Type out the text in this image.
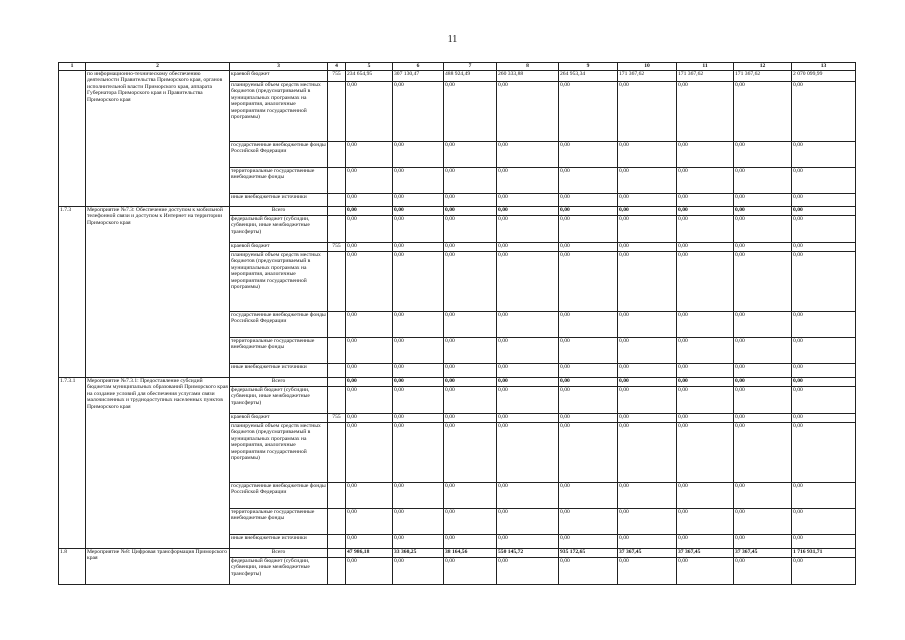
11
1	2	3	4	5	6	7	8	9	10	11	12	13
	по информационно-техническому обеспечению деятельности Правительства Приморского края, органов исполнительной власти Приморского края, аппарата Губернатора Приморского края и Правительства Приморского края	краевой бюджет	755	234 654,95	307 130,47	488 924,49	260 333,88	264 953,34	171 367,62	171 367,62	171 367,62	2 070 099,99
		планируемый объем средств местных бюджетов (предусматриваемый в муниципальных программах на мероприятия, аналогичные мероприятиям государственной программы)		0,00	0,00	0,00	0,00	0,00	0,00	0,00	0,00	0,00
		государственные внебюджетные фонды Российской Федерации		0,00	0,00	0,00	0,00	0,00	0,00	0,00	0,00	0,00
		территориальные государственные внебюджетные фонды		0,00	0,00	0,00	0,00	0,00	0,00	0,00	0,00	0,00
		иные внебюджетные источники		0,00	0,00	0,00	0,00	0,00	0,00	0,00	0,00	0,00
1.7.3	Мероприятие №7.3: Обеспечение доступом к мобильной телефонной связи и доступом к Интернет на территории Приморского края	Всего		0,00	0,00	0,00	0,00	0,00	0,00	0,00	0,00	0,00
		федеральный бюджет (субсидии, субвенции, иные межбюджетные трансферты)		0,00	0,00	0,00	0,00	0,00	0,00	0,00	0,00	0,00
		краевой бюджет	755	0,00	0,00	0,00	0,00	0,00	0,00	0,00	0,00	0,00
		планируемый объем средств местных бюджетов (предусматриваемый в муниципальных программах на мероприятия, аналогичные мероприятиям государственной программы)		0,00	0,00	0,00	0,00	0,00	0,00	0,00	0,00	0,00
		государственные внебюджетные фонды Российской Федерации		0,00	0,00	0,00	0,00	0,00	0,00	0,00	0,00	0,00
		территориальные государственные внебюджетные фонды		0,00	0,00	0,00	0,00	0,00	0,00	0,00	0,00	0,00
		иные внебюджетные источники		0,00	0,00	0,00	0,00	0,00	0,00	0,00	0,00	0,00
1.7.3.1	Мероприятие №7.3.1: Предоставление субсидий бюджетам муниципальных образований Приморского края на создание условий для обеспечения услугами связи малочисленных и труднодоступных населенных пунктов Приморского края	Всего		0,00	0,00	0,00	0,00	0,00	0,00	0,00	0,00	0,00
		федеральный бюджет (субсидии, субвенции, иные межбюджетные трансферты)		0,00	0,00	0,00	0,00	0,00	0,00	0,00	0,00	0,00
		краевой бюджет	755	0,00	0,00	0,00	0,00	0,00	0,00	0,00	0,00	0,00
		планируемый объем средств местных бюджетов (предусматриваемый в муниципальных программах на мероприятия, аналогичные мероприятиям государственной программы)		0,00	0,00	0,00	0,00	0,00	0,00	0,00	0,00	0,00
		государственные внебюджетные фонды Российской Федерации		0,00	0,00	0,00	0,00	0,00	0,00	0,00	0,00	0,00
		территориальные государственные внебюджетные фонды		0,00	0,00	0,00	0,00	0,00	0,00	0,00	0,00	0,00
		иные внебюджетные источники		0,00	0,00	0,00	0,00	0,00	0,00	0,00	0,00	0,00
1.8	Мероприятие №8: Цифровая трансформация Приморского края	Всего		47 986,18	33 360,25	38 164,56	550 145,72	935 172,65	37 367,45	37 367,45	37 367,45	1 716 931,71
		федеральный бюджет (субсидии, субвенции, иные межбюджетные трансферты)		0,00	0,00	0,00	0,00	0,00	0,00	0,00	0,00	0,00
